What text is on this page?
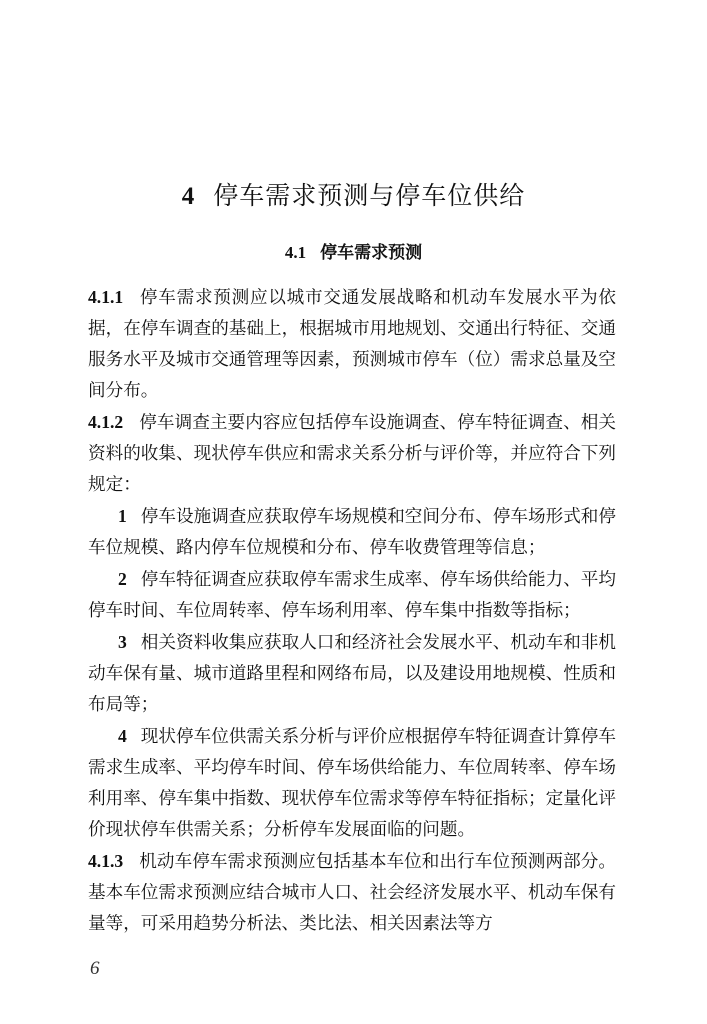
4 停车需求预测与停车位供给
4.1 停车需求预测

4.1.1 停车需求预测应以城市交通发展战略和机动车发展水平为依据，在停车调查的基础上，根据城市用地规划、交通出行特征、交通服务水平及城市交通管理等因素，预测城市停车（位）需求总量及空间分布。

4.1.2 停车调查主要内容应包括停车设施调查、停车特征调查、相关资料的收集、现状停车供应和需求关系分析与评价等，并应符合下列规定：

1 停车设施调查应获取停车场规模和空间分布、停车场形式和停车位规模、路内停车位规模和分布、停车收费管理等信息；

2 停车特征调查应获取停车需求生成率、停车场供给能力、平均停车时间、车位周转率、停车场利用率、停车集中指数等指标；

3 相关资料收集应获取人口和经济社会发展水平、机动车和非机动车保有量、城市道路里程和网络布局，以及建设用地规模、性质和布局等；

4 现状停车位供需关系分析与评价应根据停车特征调查计算停车需求生成率、平均停车时间、停车场供给能力、车位周转率、停车场利用率、停车集中指数、现状停车位需求等停车特征指标；定量化评价现状停车供需关系；分析停车发展面临的问题。

4.1.3 机动车停车需求预测应包括基本车位和出行车位预测两部分。基本车位需求预测应结合城市人口、社会经济发展水平、机动车保有量等，可采用趋势分析法、类比法、相关因素法等方

6
